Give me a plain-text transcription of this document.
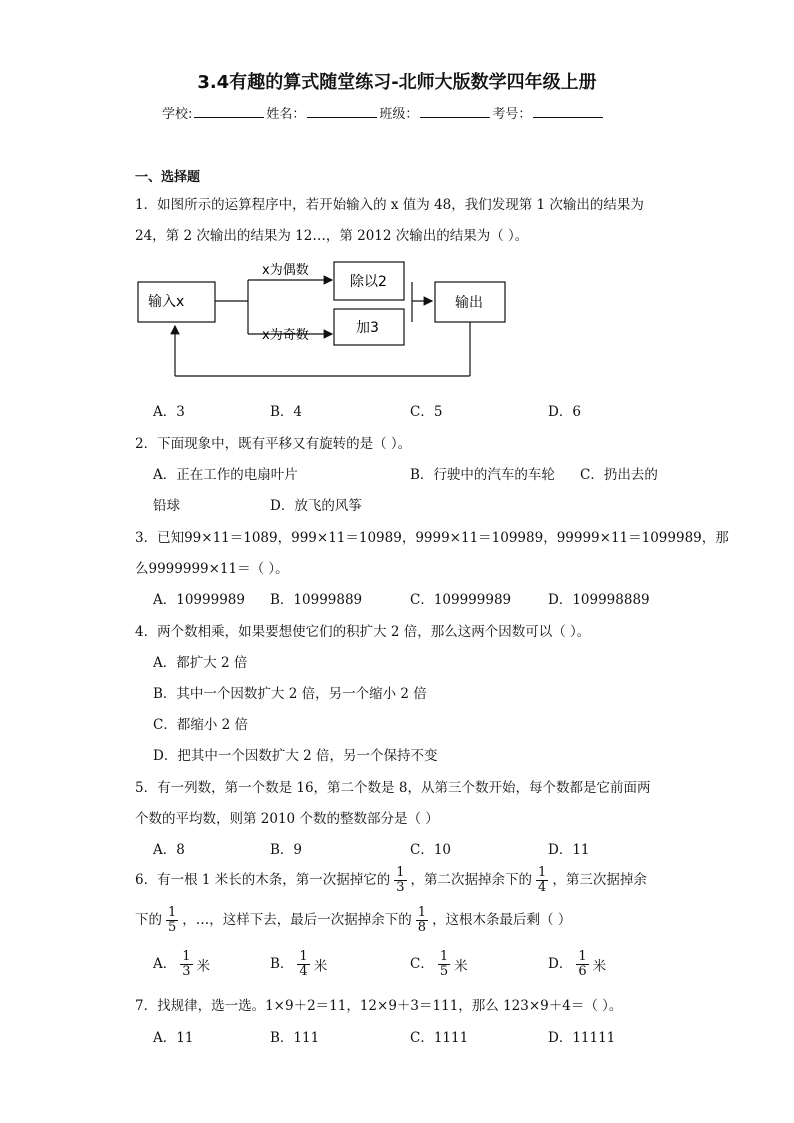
3.4有趣的算式随堂练习-北师大版数学四年级上册
学校:	姓名：	班级：	考号：
一、选择题
1．如图所示的运算程序中，若开始输入的 x 值为 48，我们发现第 1 次输出的结果为
24，第 2 次输出的结果为 12…，第 2012 次输出的结果为（ ）。
输入x
x为偶数
x为奇数
除以2
加3
输出
A．3	B．4	C．5	D．6
2．下面现象中，既有平移又有旋转的是（ ）。
A．正在工作的电扇叶片	B．行驶中的汽车的车轮 C．扔出去的
铅球	D．放飞的风筝
3．已知99×11＝1089，999×11＝10989，9999×11＝109989，99999×11＝1099989，那
么9999999×11＝（ ）。
A．10999989 B．10999889	C．109999989	D．109998889
4．两个数相乘，如果要想使它们的积扩大 2 倍，那么这两个因数可以（ ）。
A．都扩大 2 倍
B．其中一个因数扩大 2 倍，另一个缩小 2 倍
C．都缩小 2 倍
D．把其中一个因数扩大 2 倍，另一个保持不变
5．有一列数，第一个数是 16，第二个数是 8，从第三个数开始，每个数都是它前面两
个数的平均数，则第 2010 个数的整数部分是（ ）
A．8	B．9	C．10	D．11
6．有一根 1 米长的木条，第一次据掉它的 $\frac{1}{3}$ ，第二次据掉余下的 $\frac{1}{4}$ ，第三次据掉余
下的 $\frac{1}{5}$ ，…，这样下去，最后一次据掉余下的 $\frac{1}{8}$ ，这根木条最后剩（ ）
A． $\frac{1}{3}$ 米	B． $\frac{1}{4}$ 米	C． $\frac{1}{5}$ 米	D． $\frac{1}{6}$ 米
7．找规律，选一选。1×9＋2＝11，12×9＋3＝111，那么 123×9＋4＝（ ）。
A．11	B．111	C．1111	D．11111
